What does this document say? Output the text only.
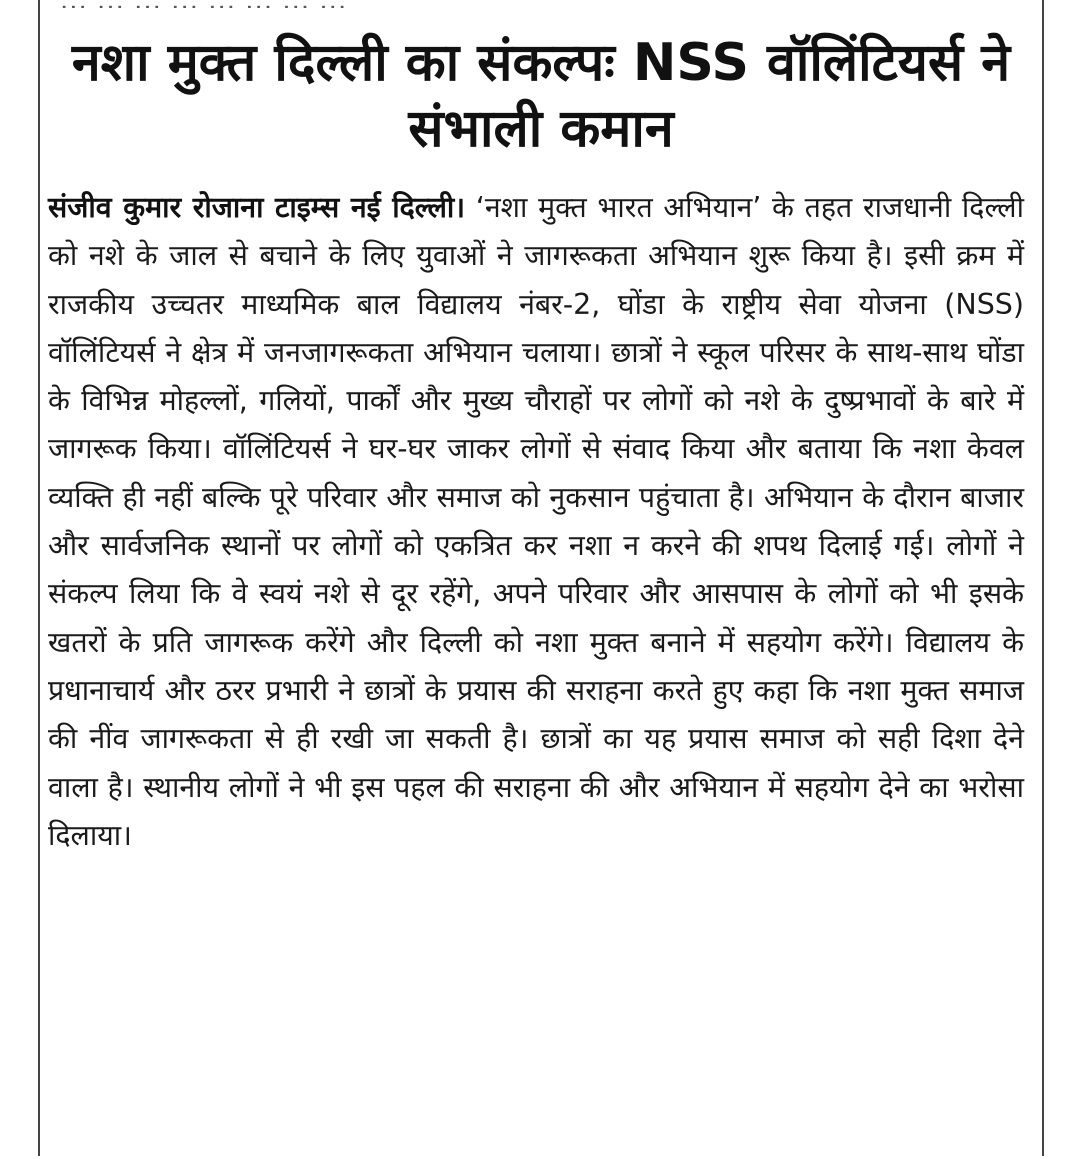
नशा मुक्त दिल्ली का संकल्पः NSS वॉलिंटियर्स ने संभाली कमान

संजीव कुमार रोजाना टाइम्स नई दिल्ली। ‘नशा मुक्त भारत अभियान’ के तहत राजधानी दिल्ली को नशे के जाल से बचाने के लिए युवाओं ने जागरूकता अभियान शुरू किया है। इसी क्रम में राजकीय उच्चतर माध्यमिक बाल विद्यालय नंबर-2, घोंडा के राष्ट्रीय सेवा योजना (NSS) वॉलिंटियर्स ने क्षेत्र में जनजागरूकता अभियान चलाया। छात्रों ने स्कूल परिसर के साथ-साथ घोंडा के विभिन्न मोहल्लों, गलियों, पार्कों और मुख्य चौराहों पर लोगों को नशे के दुष्प्रभावों के बारे में जागरूक किया। वॉलिंटियर्स ने घर-घर जाकर लोगों से संवाद किया और बताया कि नशा केवल व्यक्ति ही नहीं बल्कि पूरे परिवार और समाज को नुकसान पहुंचाता है। अभियान के दौरान बाजार और सार्वजनिक स्थानों पर लोगों को एकत्रित कर नशा न करने की शपथ दिलाई गई। लोगों ने संकल्प लिया कि वे स्वयं नशे से दूर रहेंगे, अपने परिवार और आसपास के लोगों को भी इसके खतरों के प्रति जागरूक करेंगे और दिल्ली को नशा मुक्त बनाने में सहयोग करेंगे। विद्यालय के प्रधानाचार्य और ठरर प्रभारी ने छात्रों के प्रयास की सराहना करते हुए कहा कि नशा मुक्त समाज की नींव जागरूकता से ही रखी जा सकती है। छात्रों का यह प्रयास समाज को सही दिशा देने वाला है। स्थानीय लोगों ने भी इस पहल की सराहना की और अभियान में सहयोग देने का भरोसा दिलाया।
